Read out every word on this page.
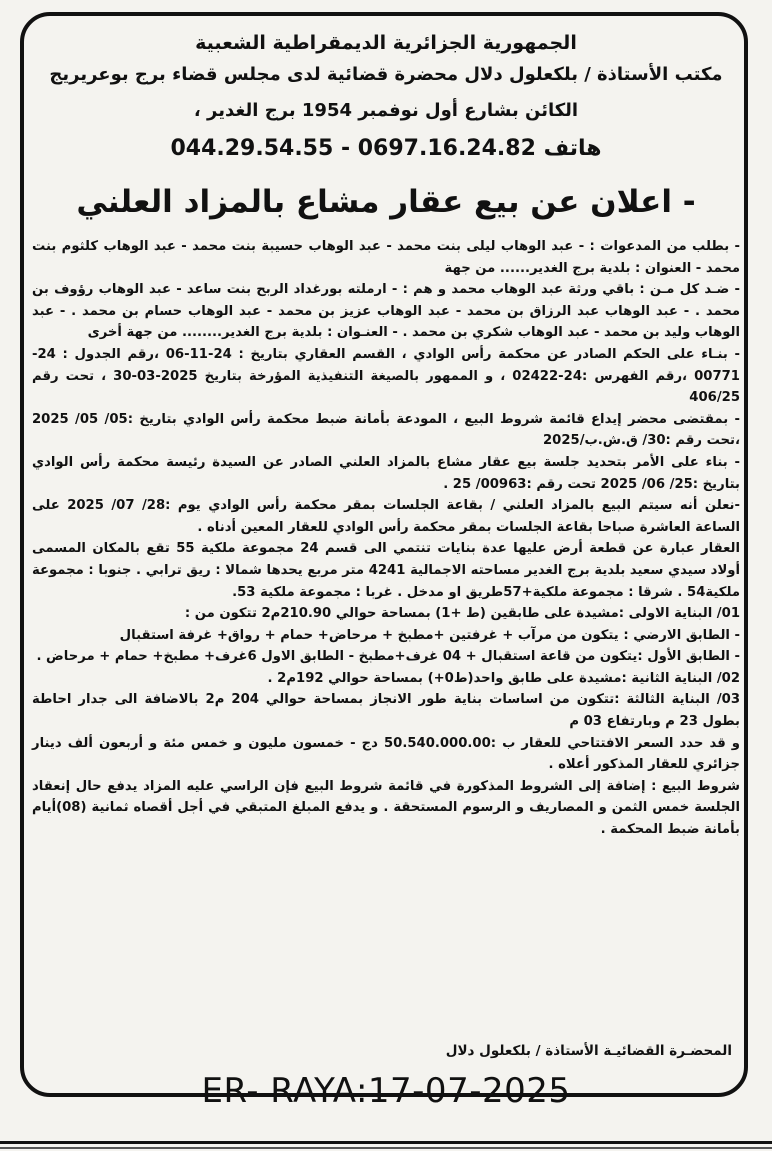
الجمهورية الجزائرية الديمقراطية الشعبية
مكتب الأستاذة / بلكعلول دلال محضرة قضائية لدى مجلس قضاء برج بوعريريج
الكائن بشارع أول نوفمبر 1954 برج الغدير ،
هاتف 0697.16.24.82 - 044.29.54.55
- اعلان عن بيع عقار مشاع بالمزاد العلني

- بطلب من المدعوات : - عبد الوهاب ليلى بنت محمد - عبد الوهاب حسيبة بنت محمد - عبد الوهاب كلثوم بنت محمد - العنوان : بلدية برج الغدير...... من جهة

- ضـد كل مـن : باقي ورثة عبد الوهاب محمد و هم : - ارملته بورغداد الربح بنت ساعد - عبد الوهاب رؤوف بن محمد . - عبد الوهاب عبد الرزاق بن محمد - عبد الوهاب عزيز بن محمد - عبد الوهاب حسام بن محمد . - عبد الوهاب وليد بن محمد - عبد الوهاب شكري بن محمد . - العنـوان : بلدية برج الغدير........ من جهة أخرى

- بنـاء على الحكم الصادر عن محكمة رأس الوادي ، القسم العقاري بتاريخ : 24-11-06 ،رقم الجدول : 24-00771 ،رقم الفهرس :24-02422 ، و الممهور بالصيغة التنفيذية المؤرخة بتاريخ 2025-03-30 ، تحت رقم 406/25

- بمقتضى محضر إيداع قائمة شروط البيع ، المودعة بأمانة ضبط محكمة رأس الوادي بتاريخ :05/ 05/ 2025 ،تحت رقم :30/ ق.ش.ب/2025

- بناء على الأمر بتحديد جلسة بيع عقار مشاع بالمزاد العلني الصادر عن السيدة رئيسة محكمة رأس الوادي بتاريخ :25/ 06/ 2025 تحت رقم :00963/ 25 .

-نعلن أنه سيتم البيع بالمزاد العلني / بقاعة الجلسات بمقر محكمة رأس الوادي يوم :28/ 07/ 2025 على الساعة العاشرة صباحا بقاعة الجلسات بمقر محكمة رأس الوادي للعقار المعين أدناه .

العقار عبارة عن قطعة أرض عليها عدة بنايات تنتمي الى قسم 24 مجموعة ملكية 55 تقع بالمكان المسمى أولاد سيدي سعيد بلدية برج الغدير مساحته الاجمالية 4241 متر مربع يحدها شمالا : ريق ترابي . جنوبا : مجموعة ملكية54 . شرقا : مجموعة ملكية+57طريق او مدخل . غربا : مجموعة ملكية 53.

01/ البناية الاولى :مشيدة على طابقين (ط +1) بمساحة حوالي 210.90م2 تتكون من :

- الطابق الارضي : يتكون من مرآب + غرفتين +مطبخ + مرحاض+ حمام + رواق+ غرفة استقبال

- الطابق الأول :يتكون من قاعة استقبال + 04 غرف+مطبخ - الطابق الاول 6غرف+ مطبخ+ حمام + مرحاض .

02/ البناية الثانية :مشيدة على طابق واحد(ط0+) بمساحة حوالي 192م2 .

03/ البناية الثالثة :تتكون من اساسات بناية طور الانجاز بمساحة حوالي 204 م2 بالاضافة الى جدار احاطة بطول 23 م وبارتفاع 03 م

و قد حدد السعر الافتتاحي للعقار ب :50.540.000.00 دج - خمسون مليون و خمس مئة و أربعون ألف دينار جزائري للعقار المذكور أعلاه .

شروط البيع : إضافة إلى الشروط المذكورة في قائمة شروط البيع فإن الراسي عليه المزاد يدفع حال إنعقاد الجلسة خمس الثمن و المصاريف و الرسوم المستحقة . و يدفع المبلغ المتبقي في أجل أقصاه ثمانية (08)أيام بأمانة ضبط المحكمة .

المحضـرة القضائيـة الأستاذة / بلكعلول دلال
ER- RAYA:17-07-2025
